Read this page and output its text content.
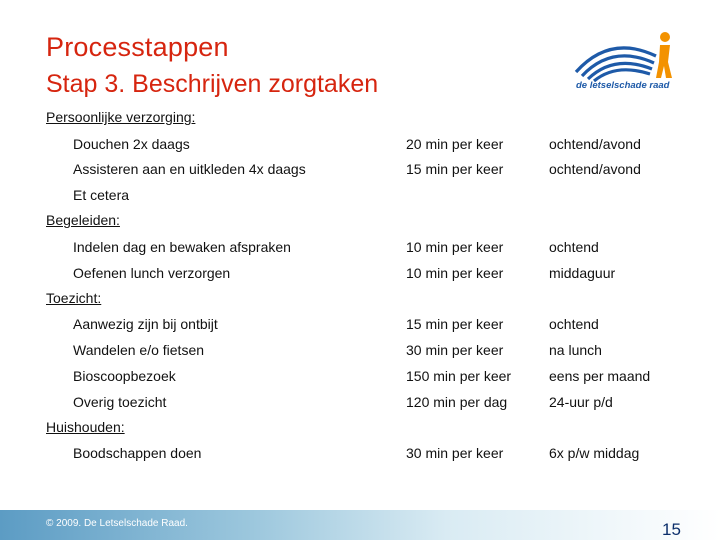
Processtappen
Stap 3. Beschrijven zorgtaken	de letselschade raad
Persoonlijke verzorging:
Douchen 2x daags	20 min per keer	ochtend/avond
Assisteren aan en uitkleden 4x daags	15 min per keer	ochtend/avond
Et cetera
Begeleiden:
Indelen dag en bewaken afspraken	10 min per keer	ochtend
Oefenen lunch verzorgen	10 min per keer	middaguur
Toezicht:
Aanwezig zijn bij ontbijt	15 min per keer	ochtend
Wandelen e/o fietsen	30 min per keer	na lunch
Bioscoopbezoek	150 min per keer	eens per maand
Overig toezicht	120 min per dag	24-uur p/d
Huishouden:
Boodschappen doen	30 min per keer	6x p/w middag
© 2009. De Letselschade Raad.	15
